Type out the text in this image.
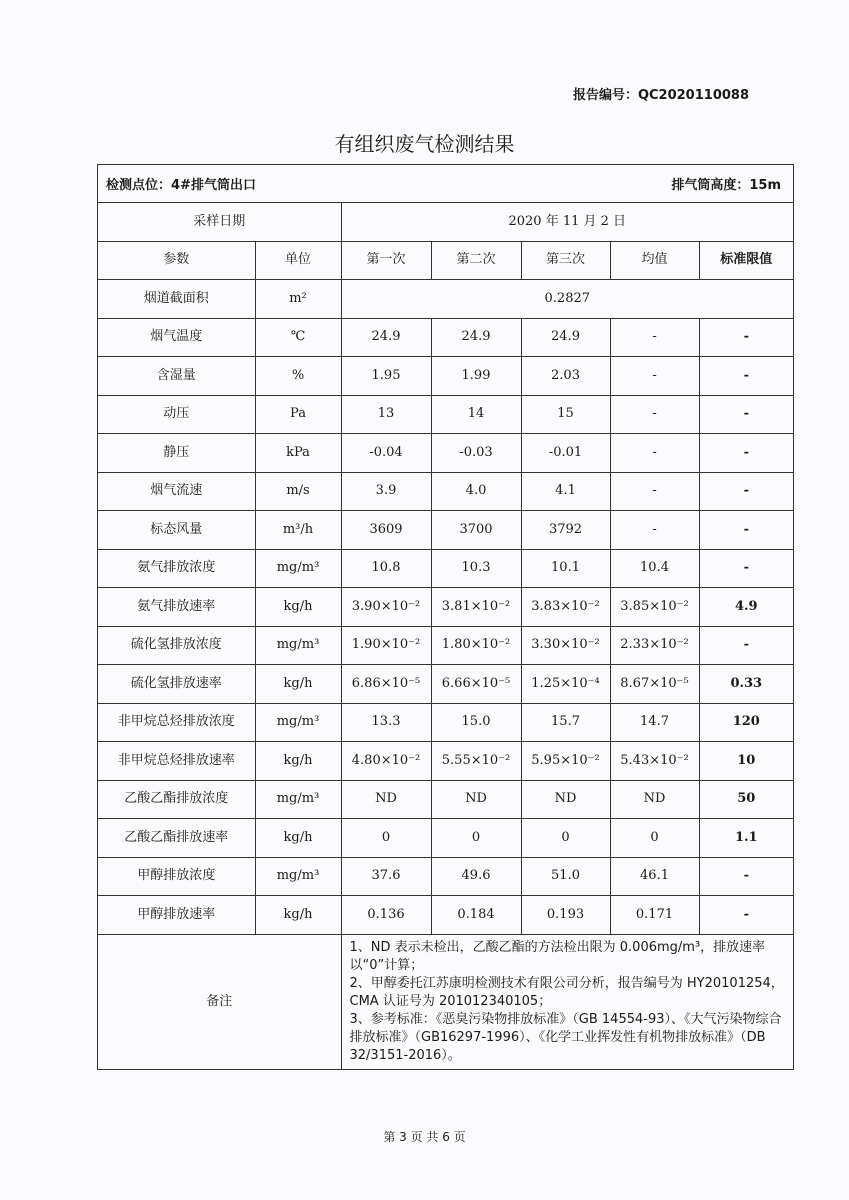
报告编号：QC2020110088
有组织废气检测结果
检测点位：4#排气筒出口	排气筒高度：15m
采样日期		2020 年 11 月 2 日				
参数	单位	第一次	第二次	第三次	均值	标准限值
烟道截面积	m²	0.2827				
烟气温度	℃	24.9	24.9	24.9	-	-
含湿量	%	1.95	1.99	2.03	-	-
动压	Pa	13	14	15	-	-
静压	kPa	-0.04	-0.03	-0.01	-	-
烟气流速	m/s	3.9	4.0	4.1	-	-
标态风量	m³/h	3609	3700	3792	-	-
氨气排放浓度	mg/m³	10.8	10.3	10.1	10.4	-
氨气排放速率	kg/h	3.90×10⁻²	3.81×10⁻²	3.83×10⁻²	3.85×10⁻²	4.9
硫化氢排放浓度	mg/m³	1.90×10⁻²	1.80×10⁻²	3.30×10⁻²	2.33×10⁻²	-
硫化氢排放速率	kg/h	6.86×10⁻⁵	6.66×10⁻⁵	1.25×10⁻⁴	8.67×10⁻⁵	0.33
非甲烷总烃排放浓度	mg/m³	13.3	15.0	15.7	14.7	120
非甲烷总烃排放速率	kg/h	4.80×10⁻²	5.55×10⁻²	5.95×10⁻²	5.43×10⁻²	10
乙酸乙酯排放浓度	mg/m³	ND	ND	ND	ND	50
乙酸乙酯排放速率	kg/h	0	0	0	0	1.1
甲醇排放浓度	mg/m³	37.6	49.6	51.0	46.1	-
甲醇排放速率	kg/h	0.136	0.184	0.193	0.171	-
备注	
1、ND 表示未检出，乙酸乙酯的方法检出限为 0.006mg/m³，排放速率以“0”计算；
2、甲醇委托江苏康明检测技术有限公司分析，报告编号为 HY20101254，CMA 认证号为 201012340105；
3、参考标准：《恶臭污染物排放标准》（GB 14554-93）、《大气污染物综合排放标准》（GB16297-1996）、《化学工业挥发性有机物排放标准》（DB 32/3151-2016）。
第 3 页 共 6 页
